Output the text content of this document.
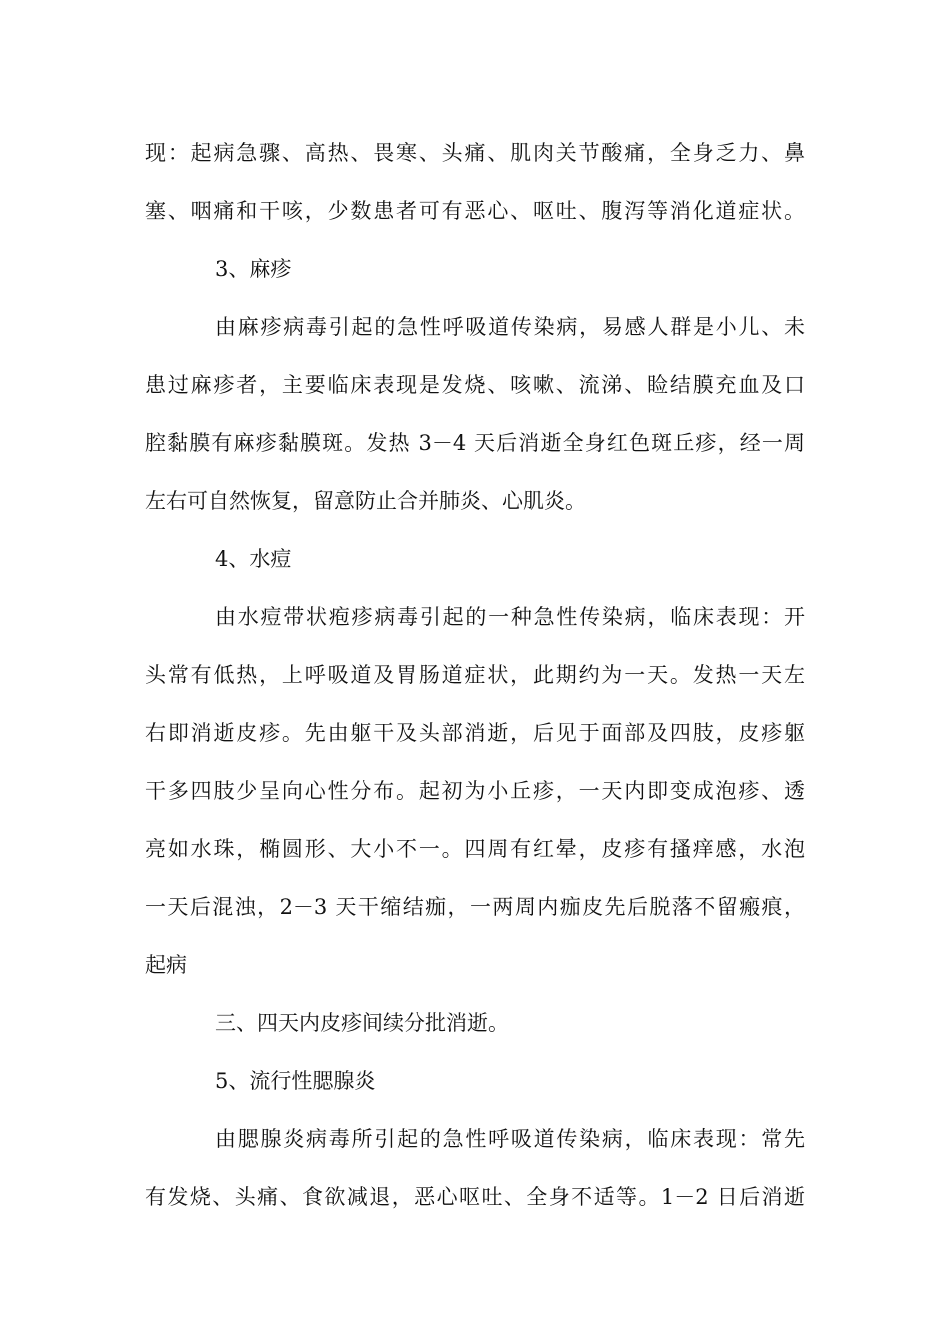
现：起病急骤、高热、畏寒、头痛、肌肉关节酸痛，全身乏力、鼻
塞、咽痛和干咳，少数患者可有恶心、呕吐、腹泻等消化道症状。
3、麻疹
由麻疹病毒引起的急性呼吸道传染病，易感人群是小儿、未
患过麻疹者，主要临床表现是发烧、咳嗽、流涕、睑结膜充血及口
腔黏膜有麻疹黏膜斑。发热 3－4 天后消逝全身红色斑丘疹，经一周
左右可自然恢复，留意防止合并肺炎、心肌炎。
4、水痘
由水痘带状疱疹病毒引起的一种急性传染病，临床表现：开
头常有低热，上呼吸道及胃肠道症状，此期约为一天。发热一天左
右即消逝皮疹。先由躯干及头部消逝，后见于面部及四肢，皮疹躯
干多四肢少呈向心性分布。起初为小丘疹，一天内即变成泡疹、透
亮如水珠，椭圆形、大小不一。四周有红晕，皮疹有搔痒感，水泡
一天后混浊，2－3 天干缩结痂，一两周内痂皮先后脱落不留瘢痕，
起病
三、四天内皮疹间续分批消逝。
5、流行性腮腺炎
由腮腺炎病毒所引起的急性呼吸道传染病，临床表现：常先
有发烧、头痛、食欲减退，恶心呕吐、全身不适等。1－2 日后消逝
